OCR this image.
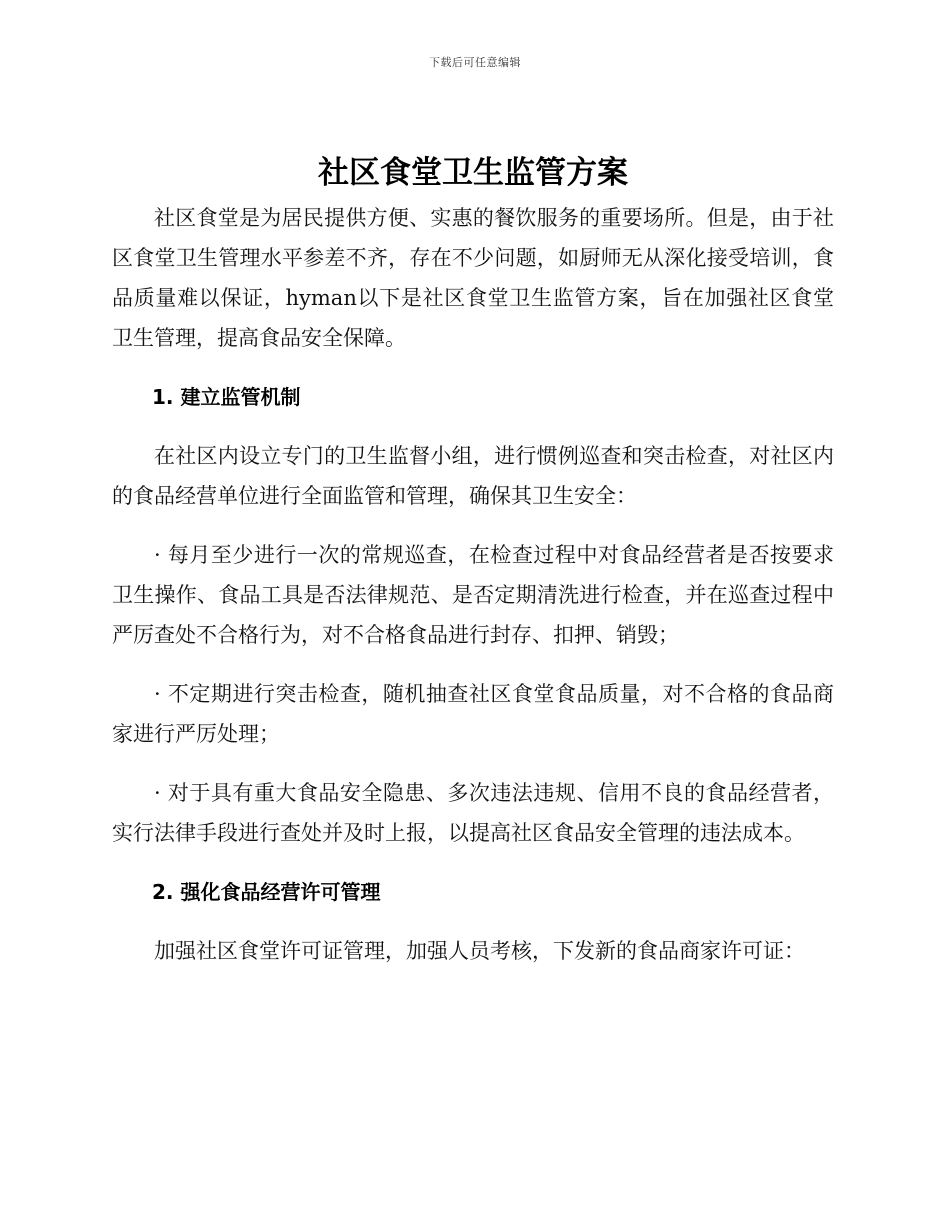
下载后可任意编辑
社区食堂卫生监管方案

社区食堂是为居民提供方便、实惠的餐饮服务的重要场所。但是，由于社区食堂卫生管理水平参差不齐，存在不少问题，如厨师无从深化接受培训，食品质量难以保证，hyman以下是社区食堂卫生监管方案，旨在加强社区食堂卫生管理，提高食品安全保障。

1. 建立监管机制

在社区内设立专门的卫生监督小组，进行惯例巡查和突击检查，对社区内的食品经营单位进行全面监管和管理，确保其卫生安全：

· 每月至少进行一次的常规巡查，在检查过程中对食品经营者是否按要求卫生操作、食品工具是否法律规范、是否定期清洗进行检查，并在巡查过程中严厉查处不合格行为，对不合格食品进行封存、扣押、销毁；

· 不定期进行突击检查，随机抽查社区食堂食品质量，对不合格的食品商家进行严厉处理；

· 对于具有重大食品安全隐患、多次违法违规、信用不良的食品经营者，实行法律手段进行查处并及时上报，以提高社区食品安全管理的违法成本。

2. 强化食品经营许可管理

加强社区食堂许可证管理，加强人员考核，下发新的食品商家许可证：
